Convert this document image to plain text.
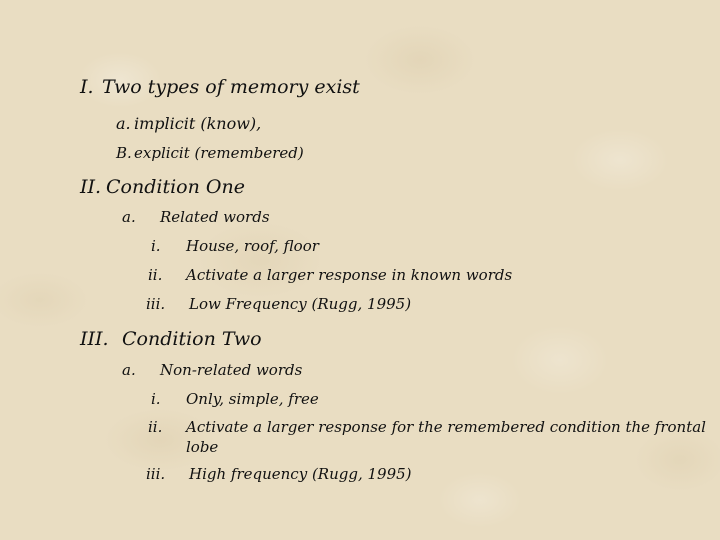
I. Two types of memory exist
a. implicit (know),
B. explicit (remembered)
II. Condition One
a. Related words
i. House, roof, floor
ii. Activate a larger response in known words
iii. Low Frequency (Rugg, 1995)
III. Condition Two
a. Non-related words
i. Only, simple, free
ii. Activate a larger response for the remembered condition the frontal
lobe
iii. High frequency (Rugg, 1995)
